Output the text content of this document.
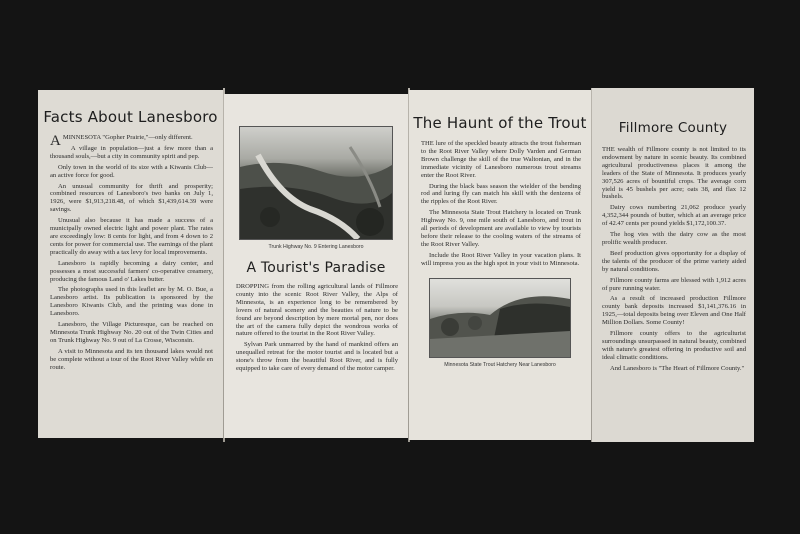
Facts About Lanesboro

AMINNESOTA "Gopher Prairie,"—only different.

A village in population—just a few more than a thousand souls,—but a city in community spirit and pep.

Only town in the world of its size with a Kiwanis Club—an active force for good.

An unusual community for thrift and prosperity; combined resources of Lanesboro's two banks on July 1, 1926, were $1,913,218.48, of which $1,439,614.39 were savings.

Unusual also because it has made a success of a municipally owned electric light and power plant. The rates are exceedingly low: 8 cents for light, and from 4 down to 2 cents for power for commercial use. The earnings of the plant practically do away with a tax levy for local improvements.

Lanesboro is rapidly becoming a dairy center, and possesses a most successful farmers' co-operative creamery, producing the famous Land o' Lakes butter.

The photographs used in this leaflet are by M. O. Bue, a Lanesboro artist. Its publication is sponsored by the Lanesboro Kiwanis Club, and the printing was done in Lanesboro.

Lanesboro, the Village Picturesque, can be reached on Minnesota Trunk Highway No. 20 out of the Twin Cities and on Trunk Highway No. 9 out of La Crosse, Wisconsin.

A visit to Minnesota and its ten thousand lakes would not be complete without a tour of the Root River Valley while en route.

Trunk Highway No. 9 Entering Lanesboro
A Tourist's Paradise

DROPPING from the rolling agricultural lands of Fillmore county into the scenic Root River Valley, the Alps of Minnesota, is an experience long to be remembered by lovers of natural scenery and the beauties of nature to be found are beyond description by mere mortal pen, nor does the art of the camera fully depict the wondrous works of nature offered to the tourist in the Root River Valley.

Sylvan Park unmarred by the hand of mankind offers an unequalled retreat for the motor tourist and is located but a stone's throw from the beautiful Root River, and is fully equipped to take care of every demand of the motor camper.

The Haunt of the Trout

THE lure of the speckled beauty attracts the trout fisherman to the Root River Valley where Dolly Varden and German Brown challenge the skill of the true Waltonian, and in the immediate vicinity of Lanesboro numerous trout streams enter the Root River.

During the black bass season the wielder of the bending rod and luring fly can match his skill with the denizens of the ripples of the Root River.

The Minnesota State Trout Hatchery is located on Trunk Highway No. 9, one mile south of Lanesboro, and trout in all periods of development are available to view by tourists before their release to the cooling waters of the streams of the Root River Valley.

Include the Root River Valley in your vacation plans. It will impress you as the high spot in your visit to Minnesota.

Minnesota State Trout Hatchery Near Lanesboro
Fillmore County

THE wealth of Fillmore county is not limited to its endowment by nature in scenic beauty. Its combined agricultural productiveness places it among the leaders of the State of Minnesota. It produces yearly 307,526 acres of bountiful crops. The average corn yield is 45 bushels per acre; oats 38, and flax 12 bushels.

Dairy cows numbering 21,062 produce yearly 4,352,344 pounds of butter, which at an average price of 42.47 cents per pound yields $1,172,100.37.

The hog vies with the dairy cow as the most prolific wealth producer.

Beef production gives opportunity for a display of the talents of the producer of the prime variety aided by natural conditions.

Fillmore county farms are blessed with 1,912 acres of pure running water.

As a result of increased production Fillmore county bank deposits increased $1,141,376.16 in 1925,—total deposits being over Eleven and One Half Million Dollars. Some County!

Fillmore county offers to the agriculturist surroundings unsurpassed in natural beauty, combined with nature's greatest offering in productive soil and ideal climatic conditions.

And Lanesboro is "The Heart of Fillmore County."
